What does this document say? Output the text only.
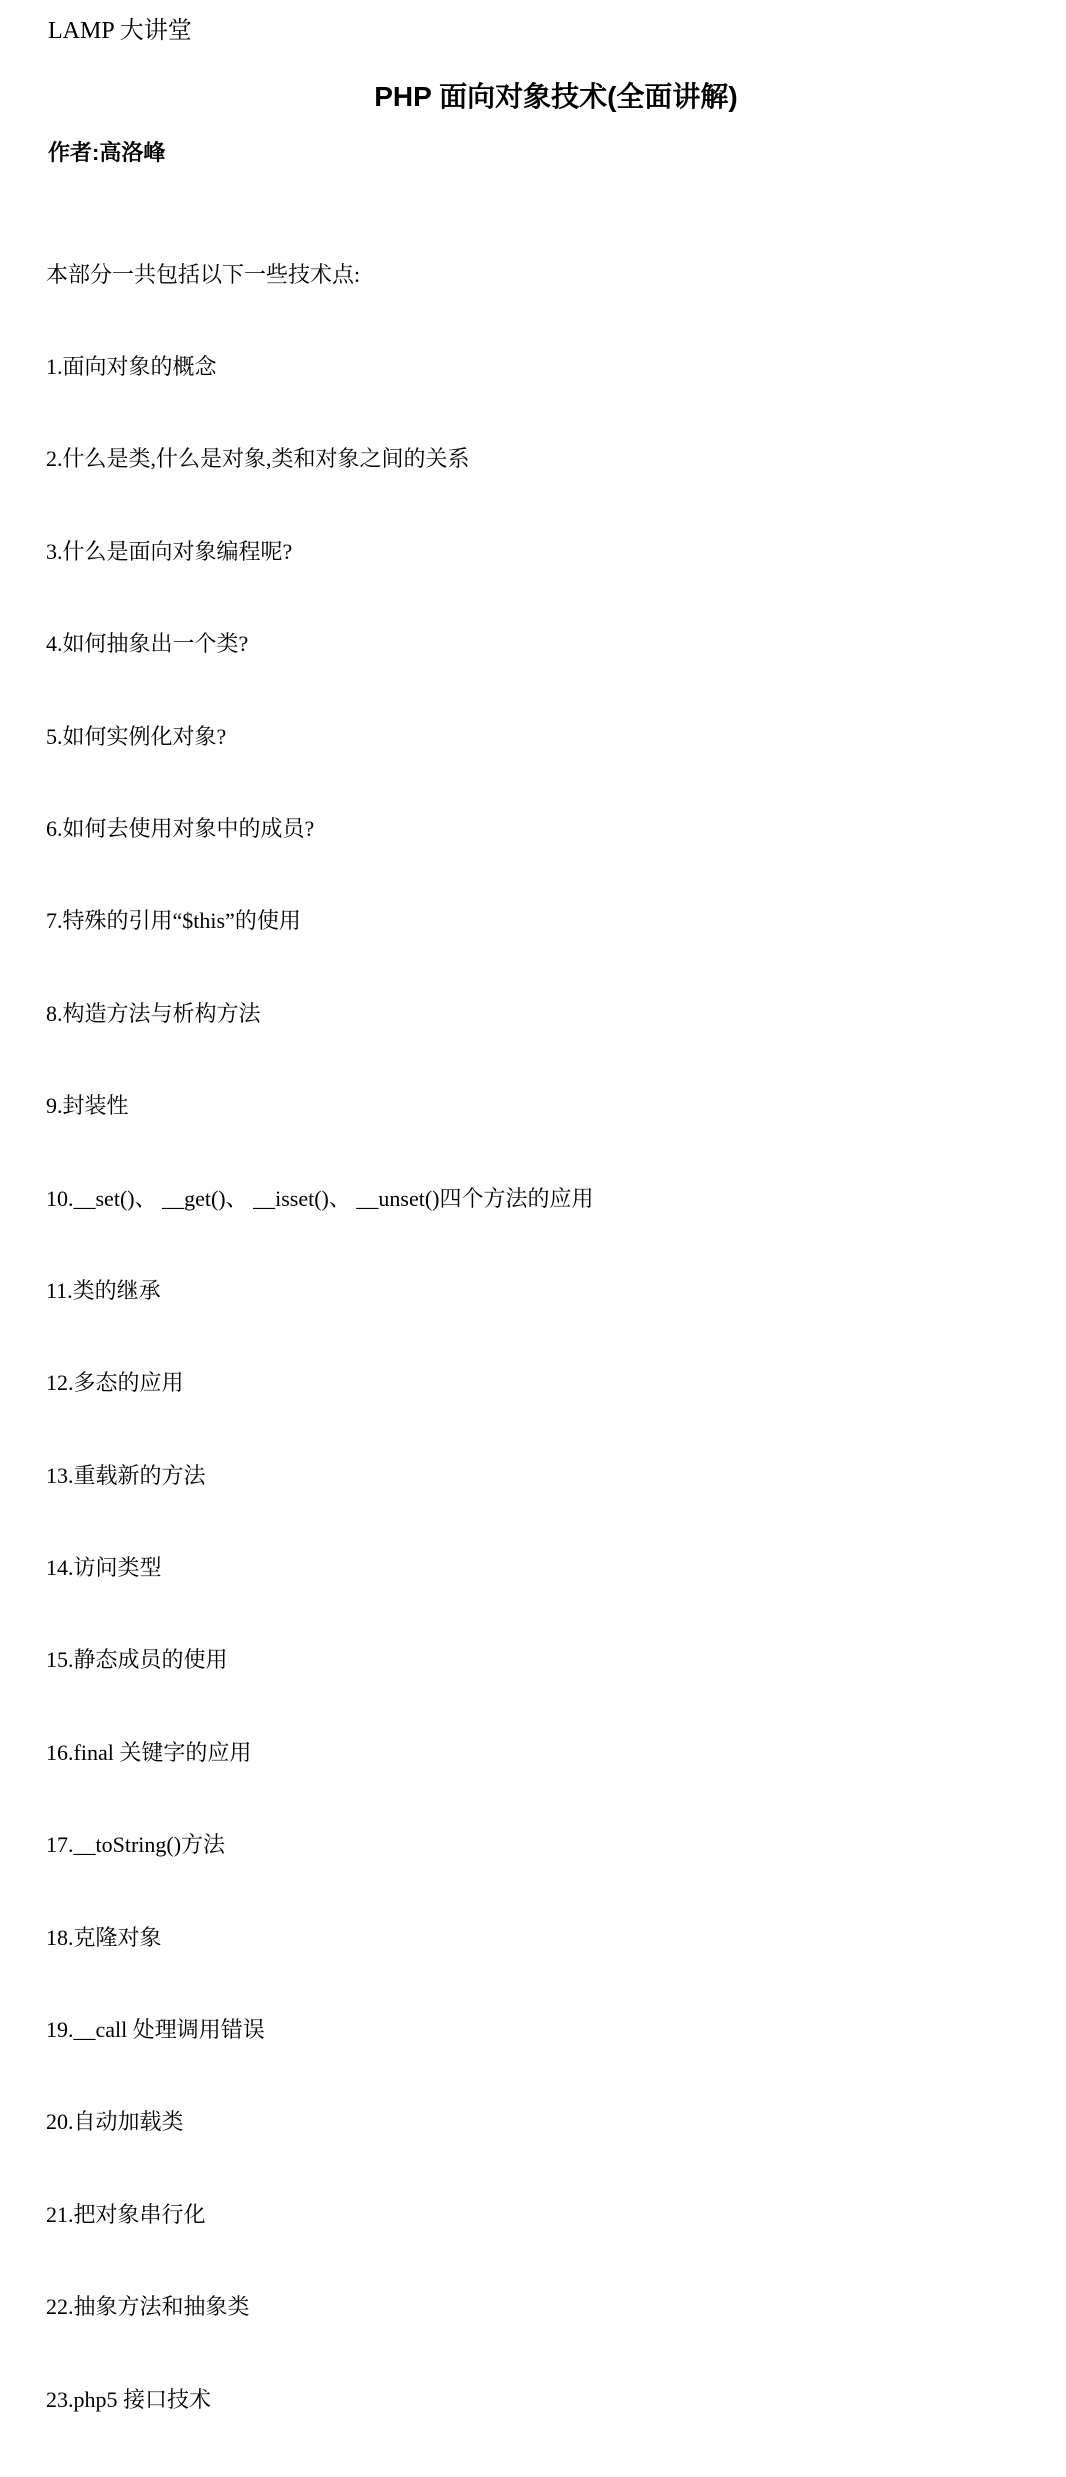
LAMP 大讲堂
PHP 面向对象技术(全面讲解)
作者:高洛峰

本部分一共包括以下一些技术点:

1.面向对象的概念

2.什么是类,什么是对象,类和对象之间的关系

3.什么是面向对象编程呢?

4.如何抽象出一个类?

5.如何实例化对象?

6.如何去使用对象中的成员?

7.特殊的引用“$this”的使用

8.构造方法与析构方法

9.封装性

10.__set()、 __get()、 __isset()、 __unset()四个方法的应用

11.类的继承

12.多态的应用

13.重载新的方法

14.访问类型

15.静态成员的使用

16.final 关键字的应用

17.__toString()方法

18.克隆对象

19.__call 处理调用错误

20.自动加载类

21.把对象串行化

22.抽象方法和抽象类

23.php5 接口技术
